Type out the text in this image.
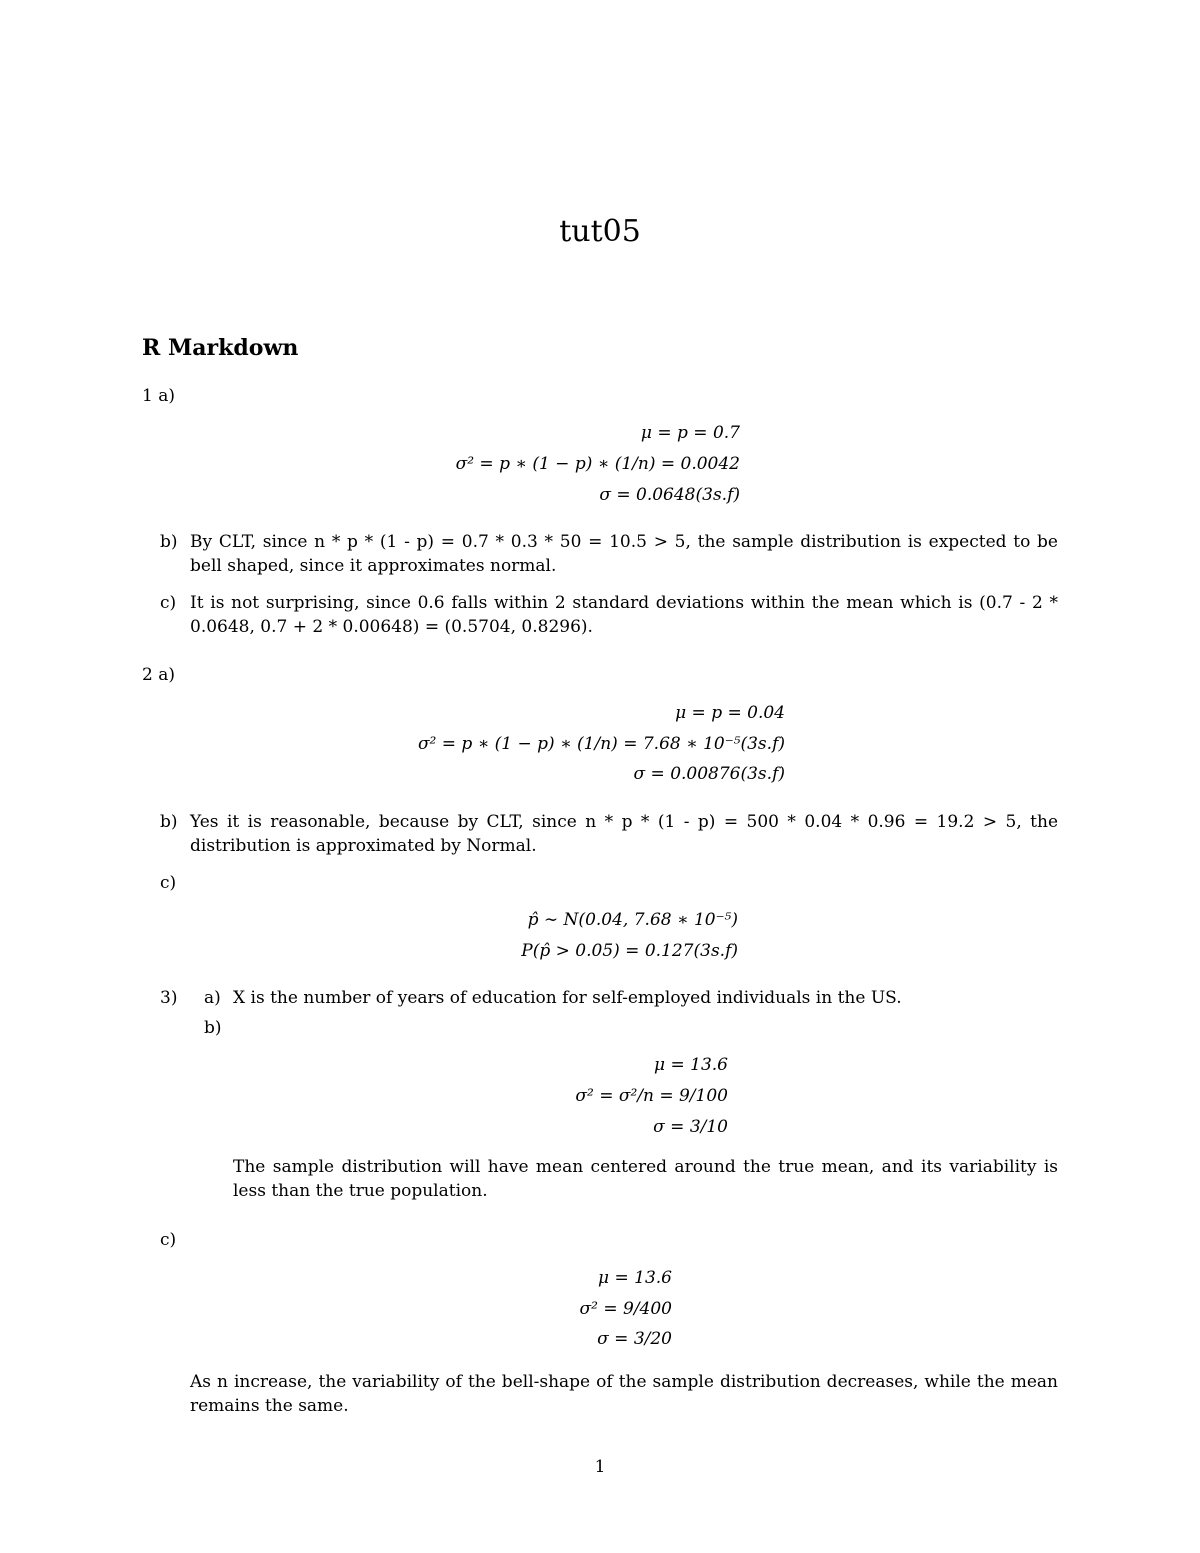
tut05
R Markdown
1 a)
μ = p = 0.7
σ² = p ∗ (1 − p) ∗ (1/n) = 0.0042
σ = 0.0648(3s.f)
b) By CLT, since n * p * (1 - p) = 0.7 * 0.3 * 50 = 10.5 > 5, the sample distribution is expected to be bell shaped, since it approximates normal.
c) It is not surprising, since 0.6 falls within 2 standard deviations within the mean which is (0.7 - 2 * 0.0648, 0.7 + 2 * 0.00648) = (0.5704, 0.8296).
2 a)
μ = p = 0.04
σ² = p ∗ (1 − p) ∗ (1/n) = 7.68 ∗ 10⁻⁵(3s.f)
σ = 0.00876(3s.f)
b) Yes it is reasonable, because by CLT, since n * p * (1 - p) = 500 * 0.04 * 0.96 = 19.2 > 5, the distribution is approximated by Normal.
c)
p̂ ∼ N(0.04, 7.68 ∗ 10⁻⁵)
P(p̂ > 0.05) = 0.127(3s.f)
3) a) X is the number of years of education for self-employed individuals in the US.
b)
μ = 13.6
σ² = σ²/n = 9/100
σ = 3/10
The sample distribution will have mean centered around the true mean, and its variability is less than the true population.
c)
μ = 13.6
σ² = 9/400
σ = 3/20
As n increase, the variability of the bell-shape of the sample distribution decreases, while the mean remains the same.
1
